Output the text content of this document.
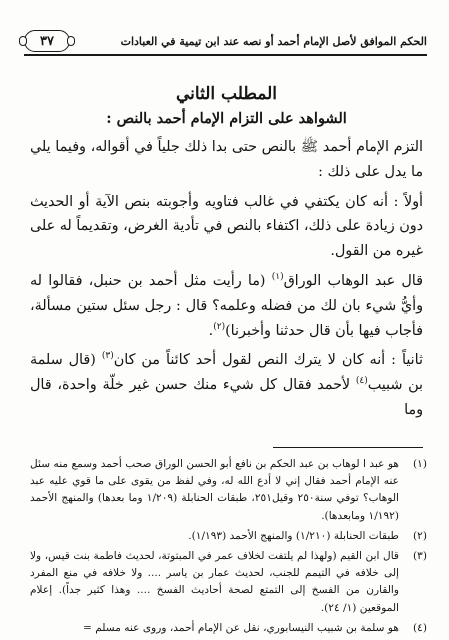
الحكم الموافق لأصل الإمام أحمد أو نصه عند ابن تيمية في العبادات
٣٧
المطلب الثاني
الشواهد على التزام الإمام أحمد بالنص :

التزم الإمام أحمد ﷺ بالنص حتى بدا ذلك جلياً في أقواله، وفيما يلي ما يدل على ذلك :

أولاً : أنه كان يكتفي في غالب فتاويه وأجوبته بنص الآية أو الحديث دون زيادة على ذلك، اكتفاء بالنص في تأدية الغرض، وتقديماً له على غيره من القول.

قال عبد الوهاب الوراق$^{(١)}$ (ما رأيت مثل أحمد بن حنبل، فقالوا له وأيُّ شيء بان لك من فضله وعلمه؟ قال : رجل سئل ستين مسألة، فأجاب فيها بأن قال حدثنا وأخبرنا)$^{(٢)}$.

ثانياً : أنه كان لا يترك النص لقول أحد كائناً من كان$^{(٣)}$ (قال سلمة بن شبيب$^{(٤)}$ لأحمد فقال كل شيء منك حسن غير خلّة واحدة، قال وما

(١)
هو عبد ا لوهاب بن عبد الحكم بن نافع أبو الحسن الوراق صحب أحمد وسمع منه سئل عنه الإمام أحمد فقال إني لا أدع الله له، وفي لفظ من يقوى على ما قوي عليه عبد الوهاب؟ توفي سنة٢٥٠ وقيل٢٥١، طبقات الحنابلة (١/٢٠٩ وما بعدها) والمنهج الأحمد (١/١٩٢ ومابعدها).
(٢)
طبقات الحنابلة (١/٢١٠) والمنهج الأحمد (١/١٩٣).
(٣)
قال ابن القيم (ولهذا لم يلتفت لخلاف عمر في المبتوتة، لحديث فاطمة بنت قيس، ولا إلى خلافه في التيمم للجنب، لحديث عمار بن ياسر .... ولا خلافه في منع المفرد والقارن من الفسخ إلى التمتع لصحة أحاديث الفسخ .... وهذا كثير جداً). إعلام الموقعين (١/ ٢٤).
(٤)
هو سلمة بن شبيب النيسابوري، نقل عن الإمام أحمد، وروى عنه مسلم =
